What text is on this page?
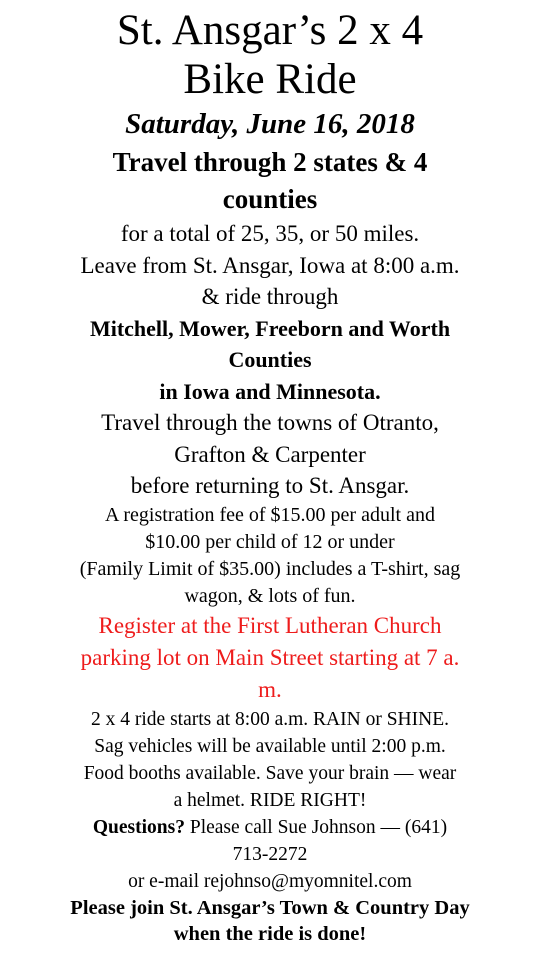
St. Ansgar’s 2 x 4
Bike Ride
Saturday, June 16, 2018
Travel through 2 states & 4
counties
for a total of 25, 35, or 50 miles.
Leave from St. Ansgar, Iowa at 8:00 a.m.
& ride through
Mitchell, Mower, Freeborn and Worth
Counties
in Iowa and Minnesota.
Travel through the towns of Otranto,
Grafton & Carpenter
before returning to St. Ansgar.
A registration fee of $15.00 per adult and
$10.00 per child of 12 or under
(Family Limit of $35.00) includes a T-shirt, sag
wagon, & lots of fun.
Register at the First Lutheran Church
parking lot on Main Street starting at 7 a.
m.
2 x 4 ride starts at 8:00 a.m. RAIN or SHINE.
Sag vehicles will be available until 2:00 p.m.
Food booths available. Save your brain — wear
a helmet. RIDE RIGHT!
Questions? Please call Sue Johnson — (641)
713-2272
or e-mail rejohnso@myomnitel.com
Please join St. Ansgar’s Town & Country Day
when the ride is done!
